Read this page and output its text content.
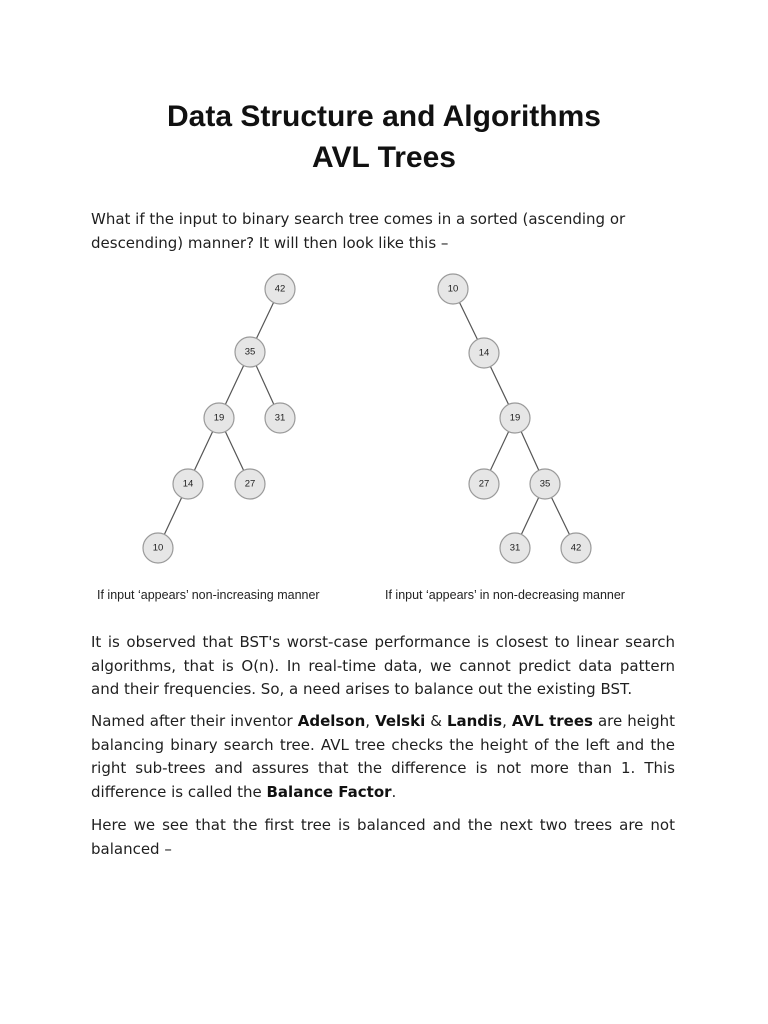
Data Structure and Algorithms
AVL Trees

What if the input to binary search tree comes in a sorted (ascending or descending) manner? It will then look like this –

42
35
31
19
27
14
10
10
14
19
27	35
31	42
If input ‘appears’ non-increasing manner	If input ‘appears’ in non-decreasing manner

It is observed that BST's worst-case performance is closest to linear search algorithms, that is O(n). In real-time data, we cannot predict data pattern and their frequencies. So, a need arises to balance out the existing BST.

Named after their inventor Adelson, Velski & Landis, AVL trees are height balancing binary search tree. AVL tree checks the height of the left and the right sub-trees and assures that the difference is not more than 1. This difference is called the Balance Factor.

Here we see that the first tree is balanced and the next two trees are not balanced –
